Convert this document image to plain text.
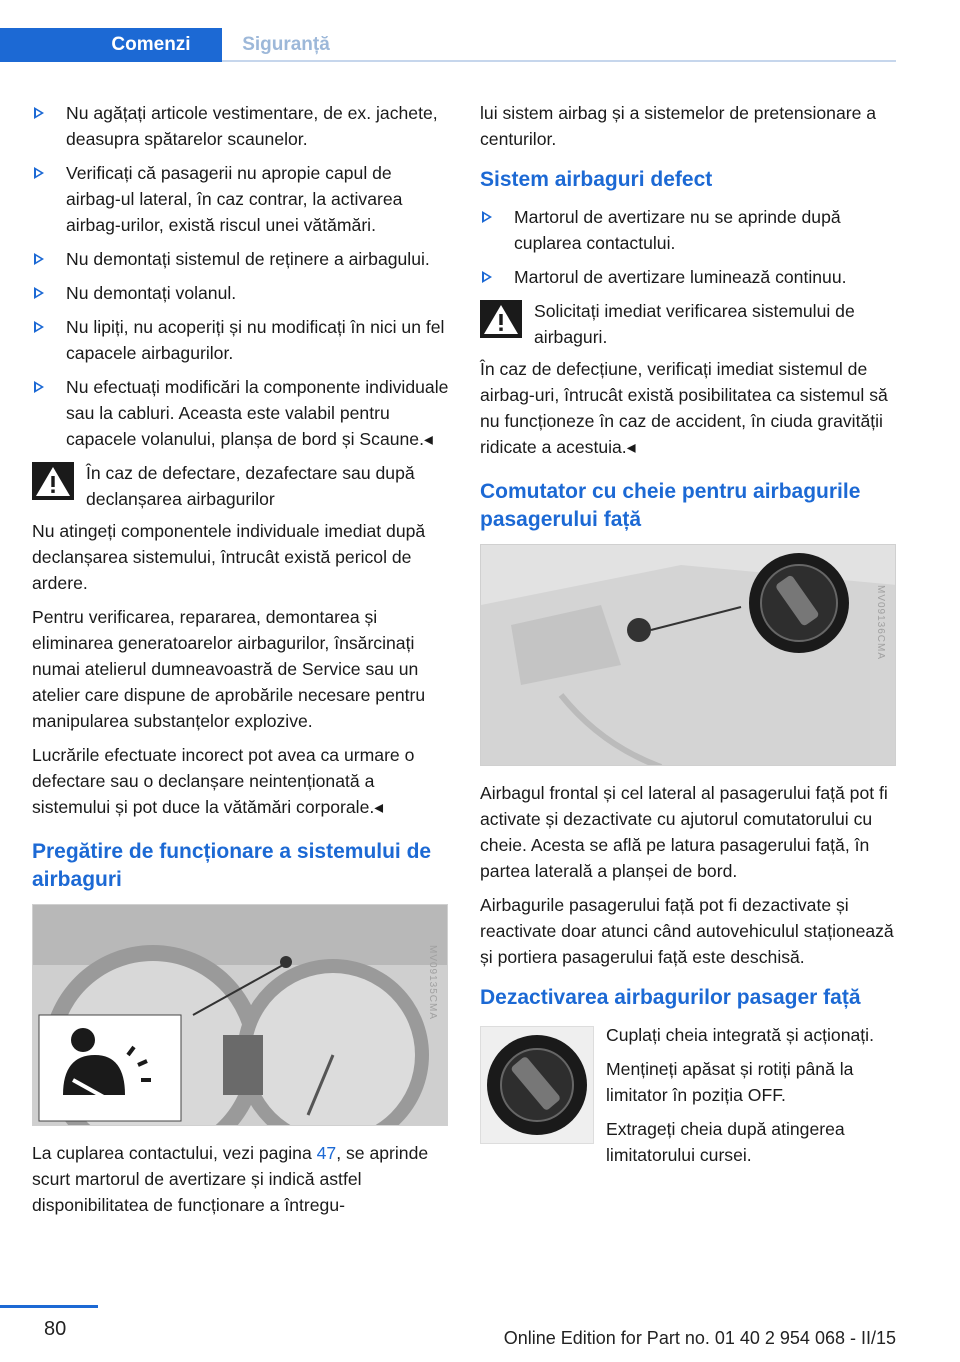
Comenzi	Siguranță
Nu agățați articole vestimentare, de ex. jachete, deasupra spătarelor scaunelor.
Verificați că pasagerii nu apropie capul de airbag-ul lateral, în caz contrar, la activarea airbag-urilor, există riscul unei vătămări.
Nu demontați sistemul de reținere a airbagului.
Nu demontați volanul.
Nu lipiți, nu acoperiți și nu modificați în nici un fel capacele airbagurilor.
Nu efectuați modificări la componente individuale sau la cabluri. Aceasta este valabil pentru capacele volanului, planșa de bord și Scaune.◂
În caz de defectare, dezafectare sau după declanșarea airbagurilor

Nu atingeți componentele individuale imediat după declanșarea sistemului, întrucât există pericol de ardere.

Pentru verificarea, repararea, demontarea și eliminarea generatoarelor airbagurilor, însărcinați numai atelierul dumneavoastră de Service sau un atelier care dispune de aprobările necesare pentru manipularea substanțelor explozive.

Lucrările efectuate incorect pot avea ca urmare o defectare sau o declanșare neintenționată a sistemului și pot duce la vătămări corporale.◂

Pregătire de funcționare a sistemului de airbaguri
MV09135CMA

La cuplarea contactului, vezi pagina 47, se aprinde scurt martorul de avertizare și indică astfel disponibilitatea de funcționare a întregu-

lui sistem airbag și a sistemelor de pretensionare a centurilor.

Sistem airbaguri defect
Martorul de avertizare nu se aprinde după cuplarea contactului.
Martorul de avertizare luminează continuu.
Solicitați imediat verificarea sistemului de airbaguri.

În caz de defecțiune, verificați imediat sistemul de airbag-uri, întrucât există posibilitatea ca sistemul să nu funcționeze în caz de accident, în ciuda gravității ridicate a acestuia.◂

Comutator cu cheie pentru airbagurile pasagerului față
MV09136CMA

Airbagul frontal și cel lateral al pasagerului față pot fi activate și dezactivate cu ajutorul comutatorului cu cheie. Acesta se află pe latura pasagerului față, în partea laterală a planșei de bord.

Airbagurile pasagerului față pot fi dezactivate și reactivate doar atunci când autovehiculul staționează și portiera pasagerului față este deschisă.

Dezactivarea airbagurilor pasager față

Cuplați cheia integrată și acționați.

Mențineți apăsat și rotiți până la limitator în poziția OFF.

Extrageți cheia după atingerea limitatorului cursei.

80	Online Edition for Part no. 01 40 2 954 068 - II/15
